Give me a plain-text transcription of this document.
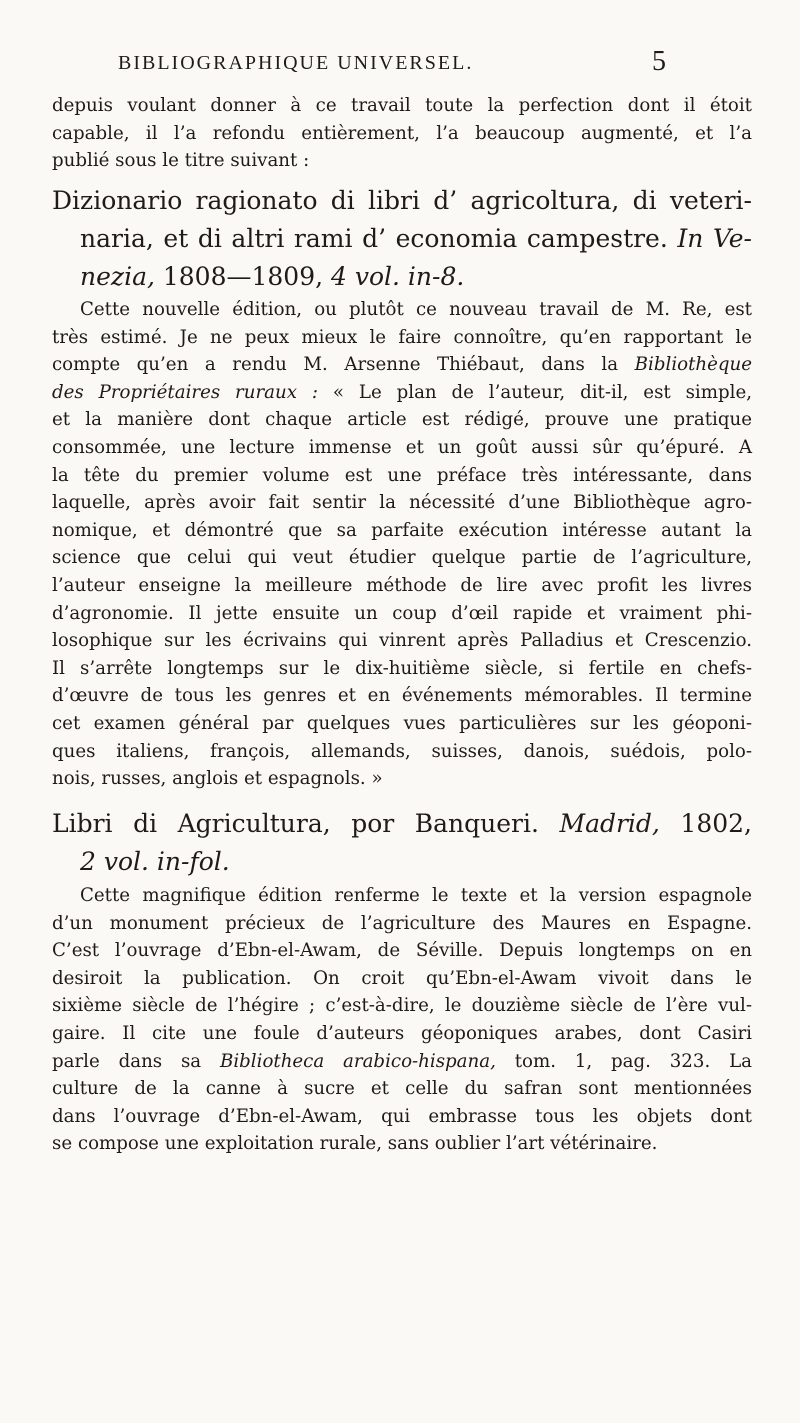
BIBLIOGRAPHIQUE UNIVERSEL.	5
depuis voulant donner à ce travail toute la perfection dont il étoit
capable, il l’a refondu entièrement, l’a beaucoup augmenté, et l’a
publié sous le titre suivant :
Dizionario ragionato di libri d’ agricoltura, di veteri-
naria, et di altri rami d’ economia campestre. In Ve-
nezia, 1808—1809, 4 vol. in-8.
Cette nouvelle édition, ou plutôt ce nouveau travail de M. Re, est
très estimé. Je ne peux mieux le faire connoître, qu’en rapportant le
compte qu’en a rendu M. Arsenne Thiébaut, dans la Bibliothèque
des Propriétaires ruraux : « Le plan de l’auteur, dit-il, est simple,
et la manière dont chaque article est rédigé, prouve une pratique
consommée, une lecture immense et un goût aussi sûr qu’épuré. A
la tête du premier volume est une préface très intéressante, dans
laquelle, après avoir fait sentir la nécessité d’une Bibliothèque agro-
nomique, et démontré que sa parfaite exécution intéresse autant la
science que celui qui veut étudier quelque partie de l’agriculture,
l’auteur enseigne la meilleure méthode de lire avec profit les livres
d’agronomie. Il jette ensuite un coup d’œil rapide et vraiment phi-
losophique sur les écrivains qui vinrent après Palladius et Crescenzio.
Il s’arrête longtemps sur le dix-huitième siècle, si fertile en chefs-
d’œuvre de tous les genres et en événements mémorables. Il termine
cet examen général par quelques vues particulières sur les géoponi-
ques italiens, françois, allemands, suisses, danois, suédois, polo-
nois, russes, anglois et espagnols. »
Libri di Agricultura, por Banqueri. Madrid, 1802,
2 vol. in-fol.
Cette magnifique édition renferme le texte et la version espagnole
d’un monument précieux de l’agriculture des Maures en Espagne.
C’est l’ouvrage d’Ebn-el-Awam, de Séville. Depuis longtemps on en
desiroit la publication. On croit qu’Ebn-el-Awam vivoit dans le
sixième siècle de l’hégire ; c’est-à-dire, le douzième siècle de l’ère vul-
gaire. Il cite une foule d’auteurs géoponiques arabes, dont Casiri
parle dans sa Bibliotheca arabico-hispana, tom. 1, pag. 323. La
culture de la canne à sucre et celle du safran sont mentionnées
dans l’ouvrage d’Ebn-el-Awam, qui embrasse tous les objets dont
se compose une exploitation rurale, sans oublier l’art vétérinaire.
